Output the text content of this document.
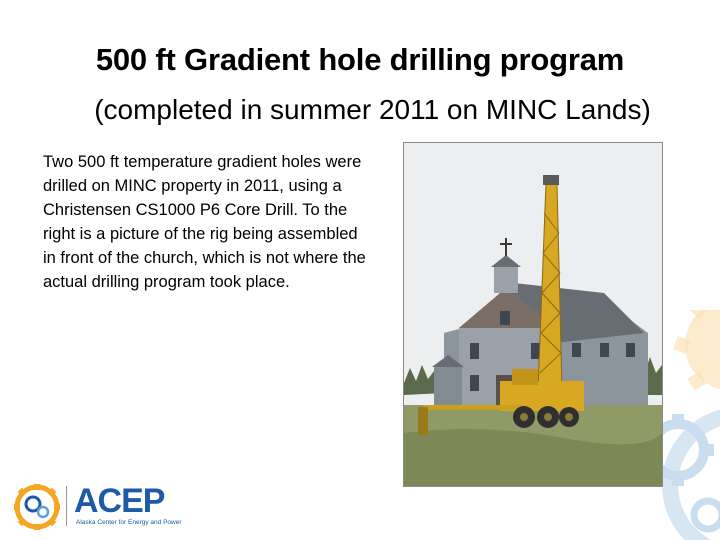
500 ft Gradient hole drilling program
(completed in summer 2011 on MINC Lands)

Two 500 ft temperature gradient holes were drilled on MINC property in 2011, using a Christensen CS1000 P6 Core Drill. To the right is a picture of the rig being assembled in front of the church, which is not where the actual drilling program took place.

ACEP
Alaska Center for Energy and Power
